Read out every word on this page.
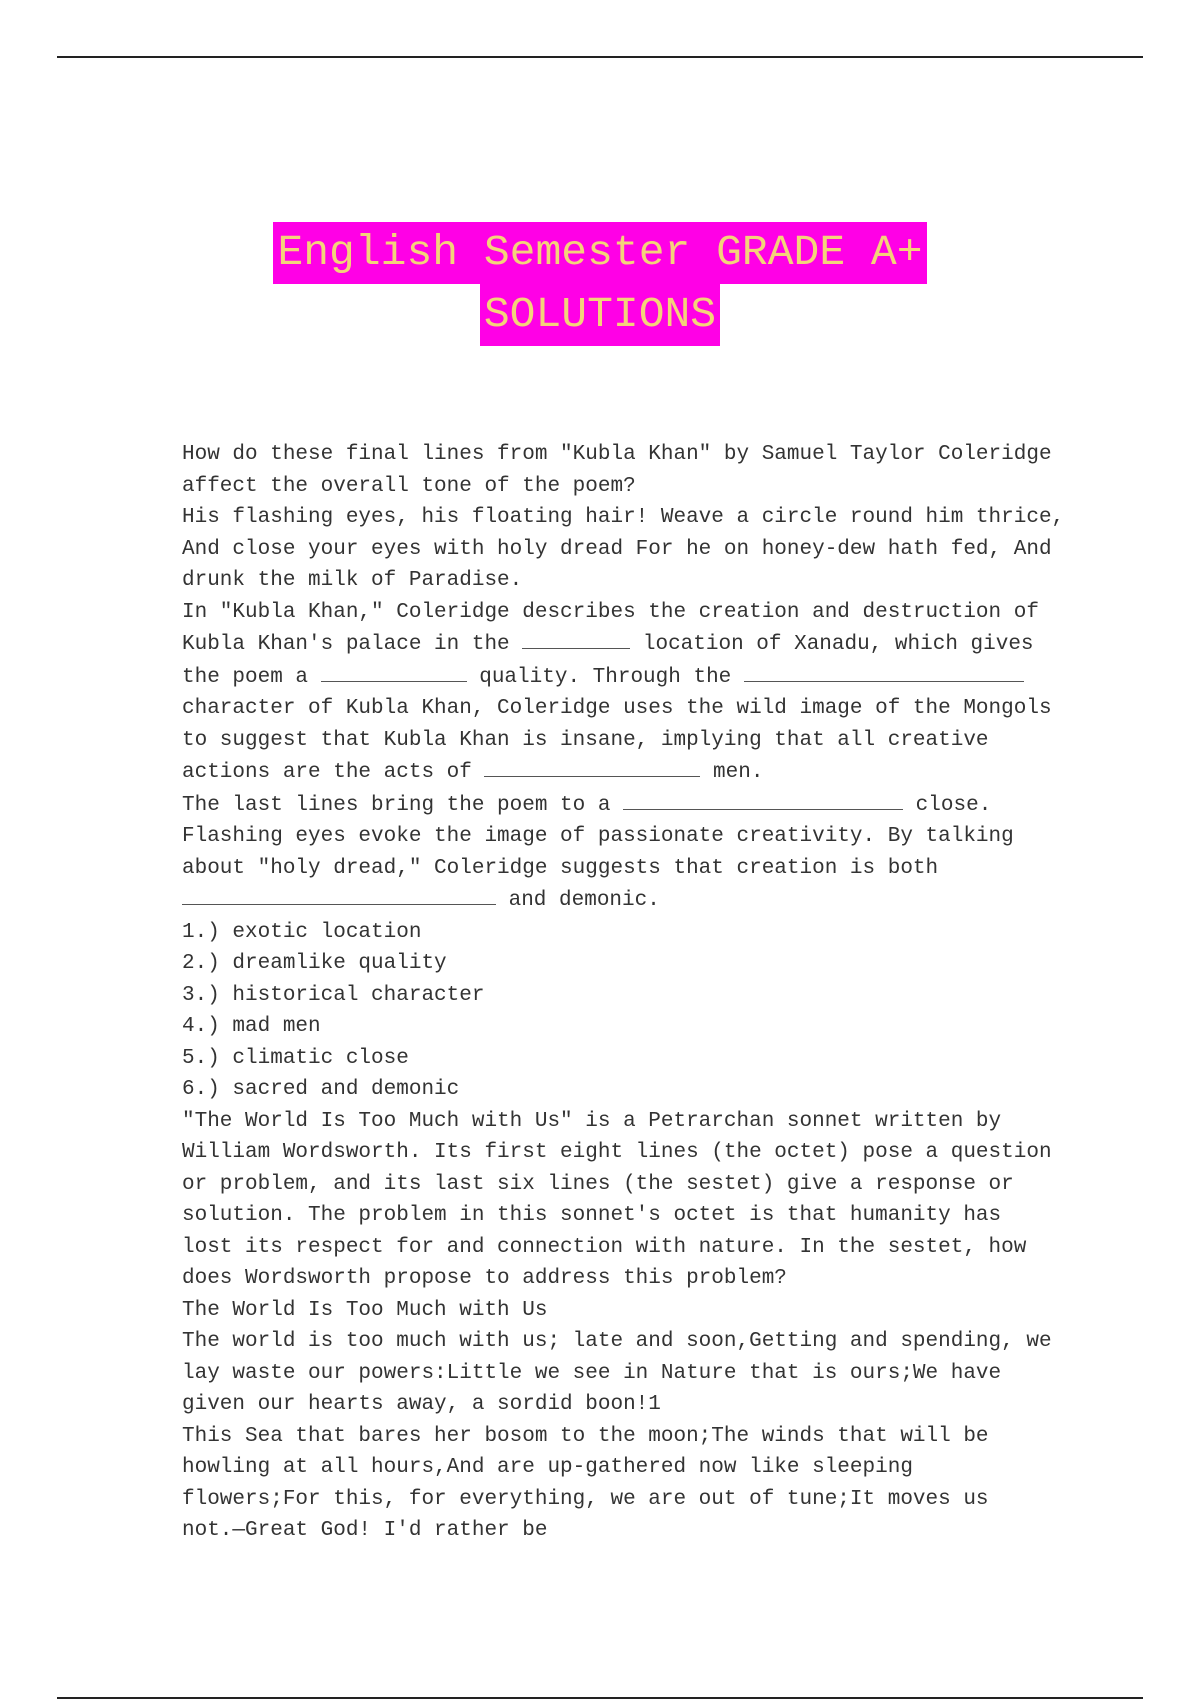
English Semester GRADE A+
SOLUTIONS

How do these final lines from "Kubla Khan" by Samuel Taylor Coleridge

affect the overall tone of the poem?

His flashing eyes, his floating hair! Weave a circle round him thrice,

And close your eyes with holy dread For he on honey-dew hath fed, And

drunk the milk of Paradise.

In "Kubla Khan," Coleridge describes the creation and destruction of

Kubla Khan's palace in the	location of Xanadu, which gives

the poem a	quality. Through the

character of Kubla Khan, Coleridge uses the wild image of the Mongols

to suggest that Kubla Khan is insane, implying that all creative

actions are the acts of	men.

The last lines bring the poem to a	close.

Flashing eyes evoke the image of passionate creativity. By talking

about "holy dread," Coleridge suggests that creation is both

and demonic.

1.) exotic location

2.) dreamlike quality

3.) historical character

4.) mad men

5.) climatic close

6.) sacred and demonic

"The World Is Too Much with Us" is a Petrarchan sonnet written by

William Wordsworth. Its first eight lines (the octet) pose a question

or problem, and its last six lines (the sestet) give a response or

solution. The problem in this sonnet's octet is that humanity has

lost its respect for and connection with nature. In the sestet, how

does Wordsworth propose to address this problem?

The World Is Too Much with Us

The world is too much with us; late and soon,Getting and spending, we

lay waste our powers:Little we see in Nature that is ours;We have

given our hearts away, a sordid boon!1

This Sea that bares her bosom to the moon;The winds that will be

howling at all hours,And are up-gathered now like sleeping

flowers;For this, for everything, we are out of tune;It moves us

not.—Great God! I'd rather be
